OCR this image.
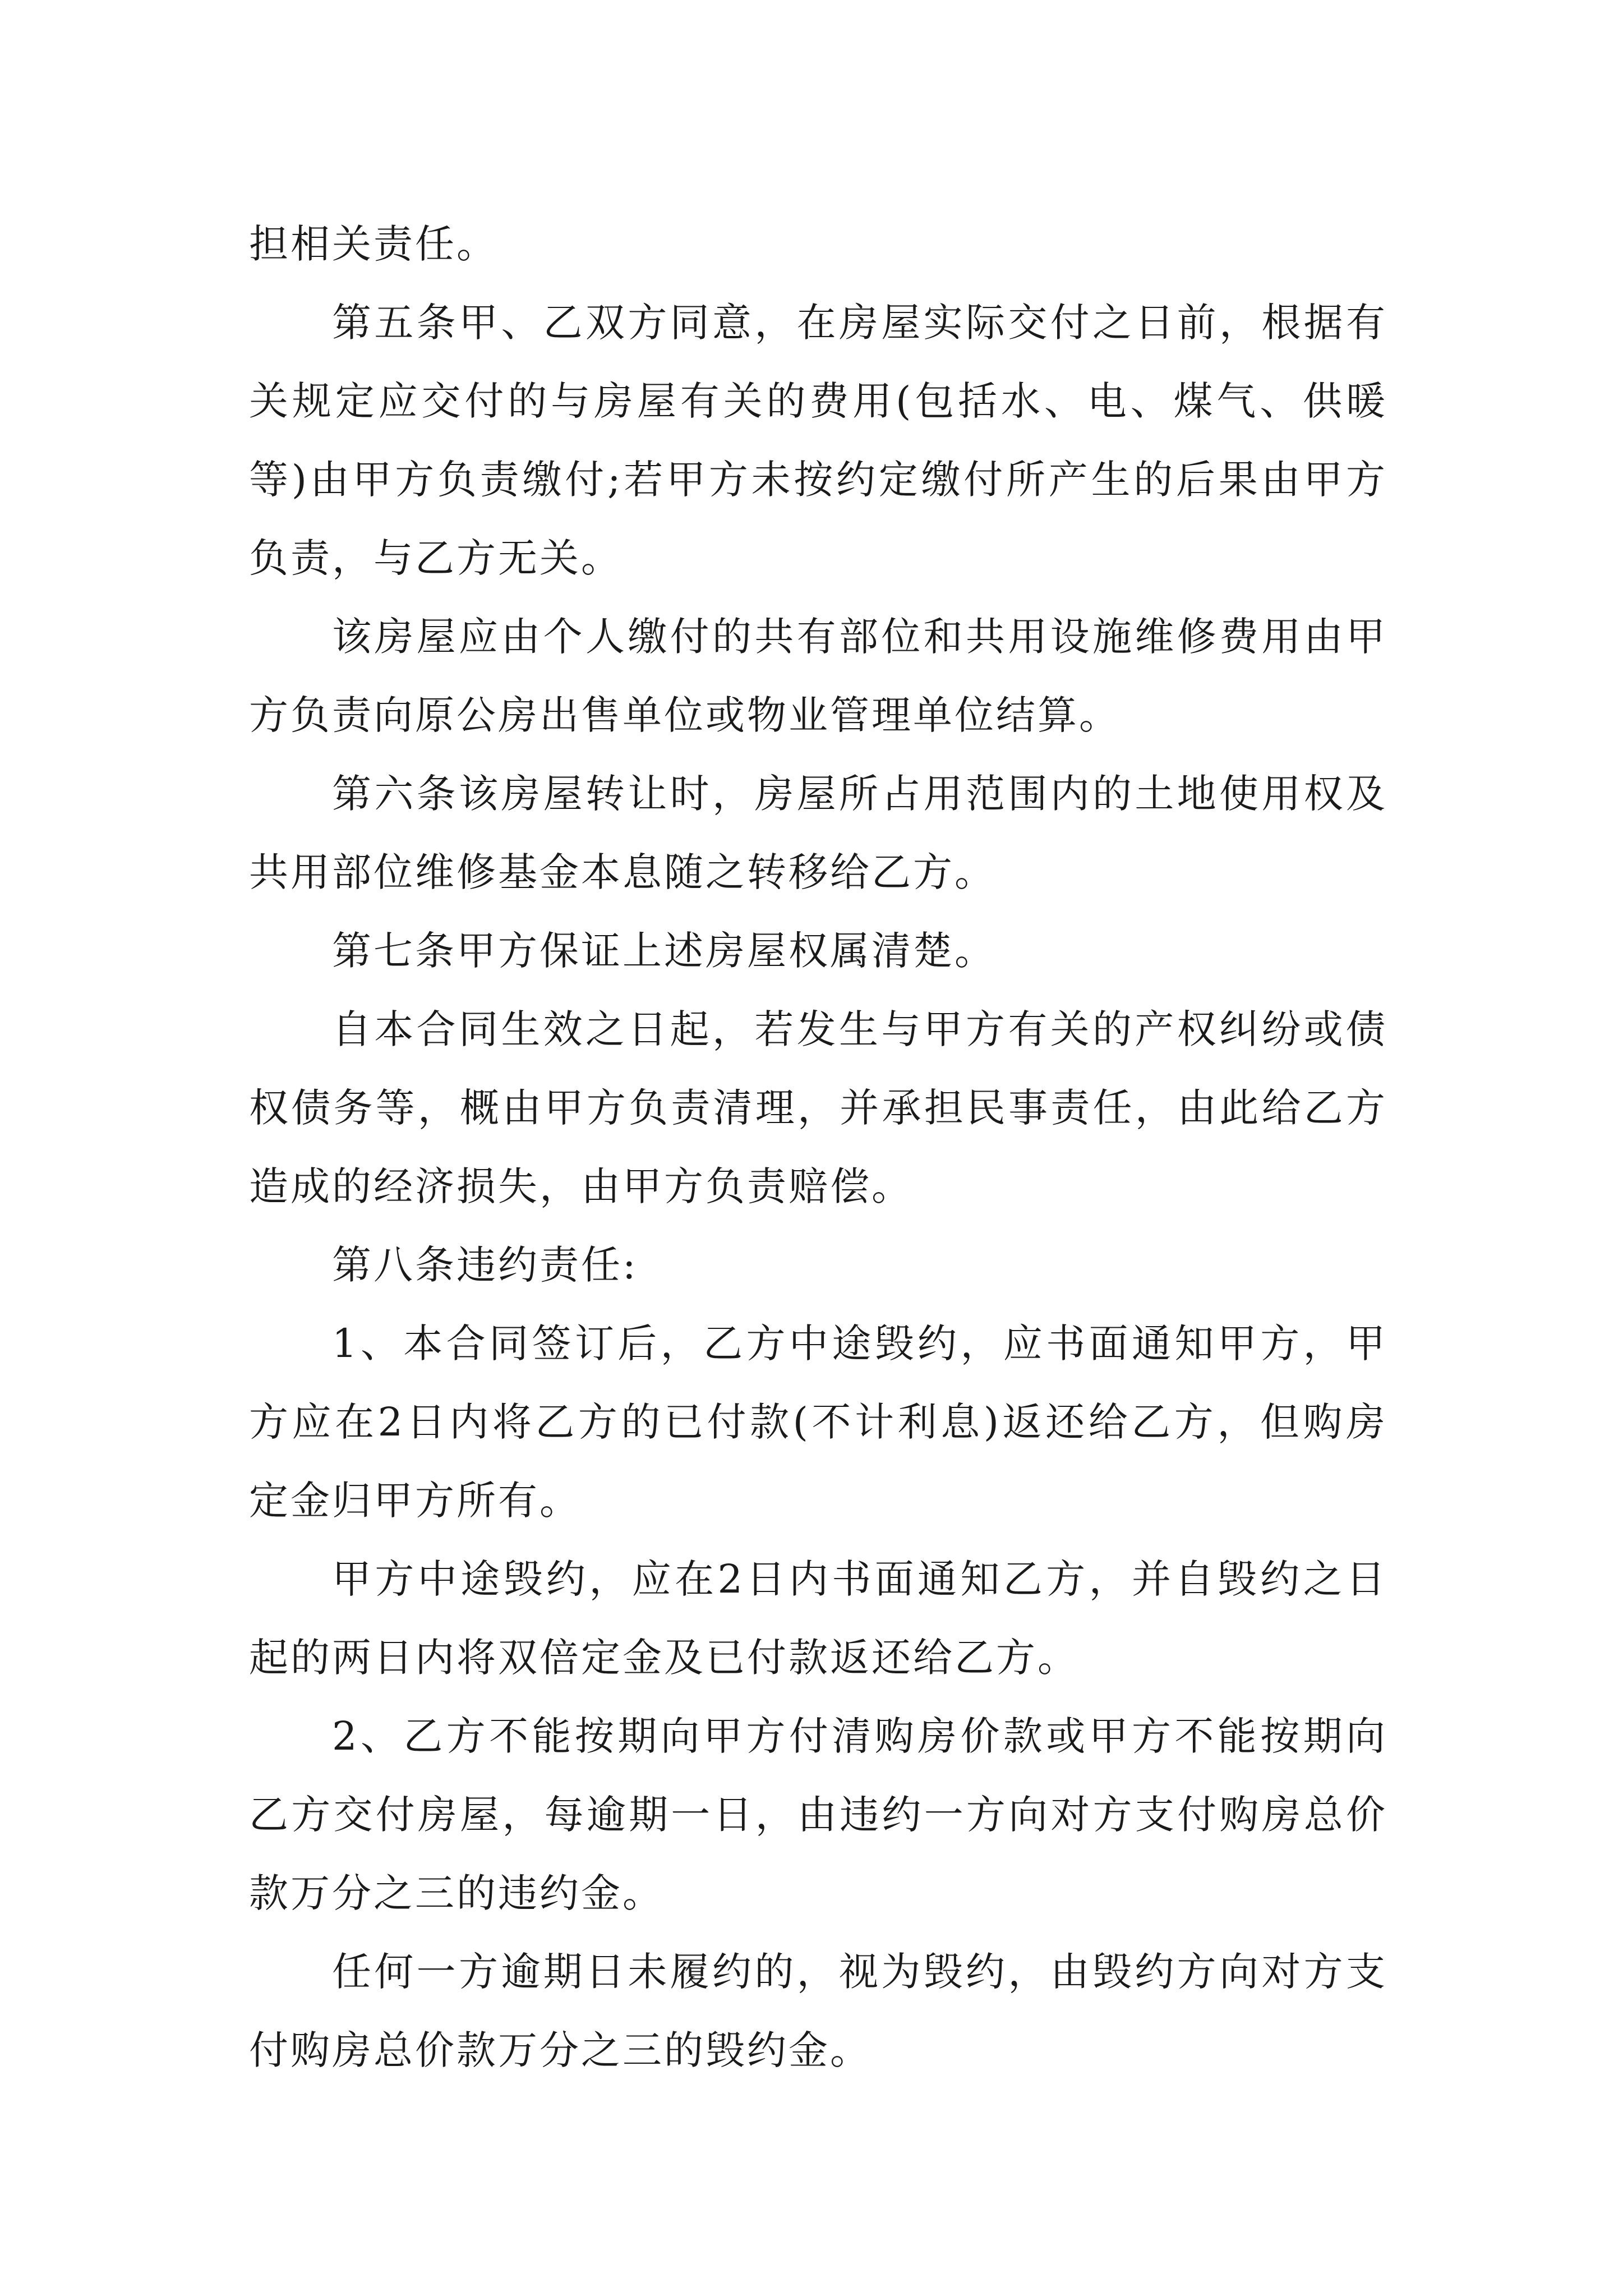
担相关责任。

第五条甲、乙双方同意，在房屋实际交付之日前，根据有关规定应交付的与房屋有关的费用(包括水、电、煤气、供暖等)由甲方负责缴付;若甲方未按约定缴付所产生的后果由甲方负责，与乙方无关。

该房屋应由个人缴付的共有部位和共用设施维修费用由甲方负责向原公房出售单位或物业管理单位结算。

第六条该房屋转让时，房屋所占用范围内的土地使用权及共用部位维修基金本息随之转移给乙方。

第七条甲方保证上述房屋权属清楚。

自本合同生效之日起，若发生与甲方有关的产权纠纷或债权债务等，概由甲方负责清理，并承担民事责任，由此给乙方造成的经济损失，由甲方负责赔偿。

第八条违约责任:

1、本合同签订后，乙方中途毁约，应书面通知甲方，甲方应在2日内将乙方的已付款(不计利息)返还给乙方，但购房定金归甲方所有。

甲方中途毁约，应在2日内书面通知乙方，并自毁约之日起的两日内将双倍定金及已付款返还给乙方。

2、乙方不能按期向甲方付清购房价款或甲方不能按期向乙方交付房屋，每逾期一日，由违约一方向对方支付购房总价款万分之三的违约金。

任何一方逾期日未履约的，视为毁约，由毁约方向对方支付购房总价款万分之三的毁约金。
